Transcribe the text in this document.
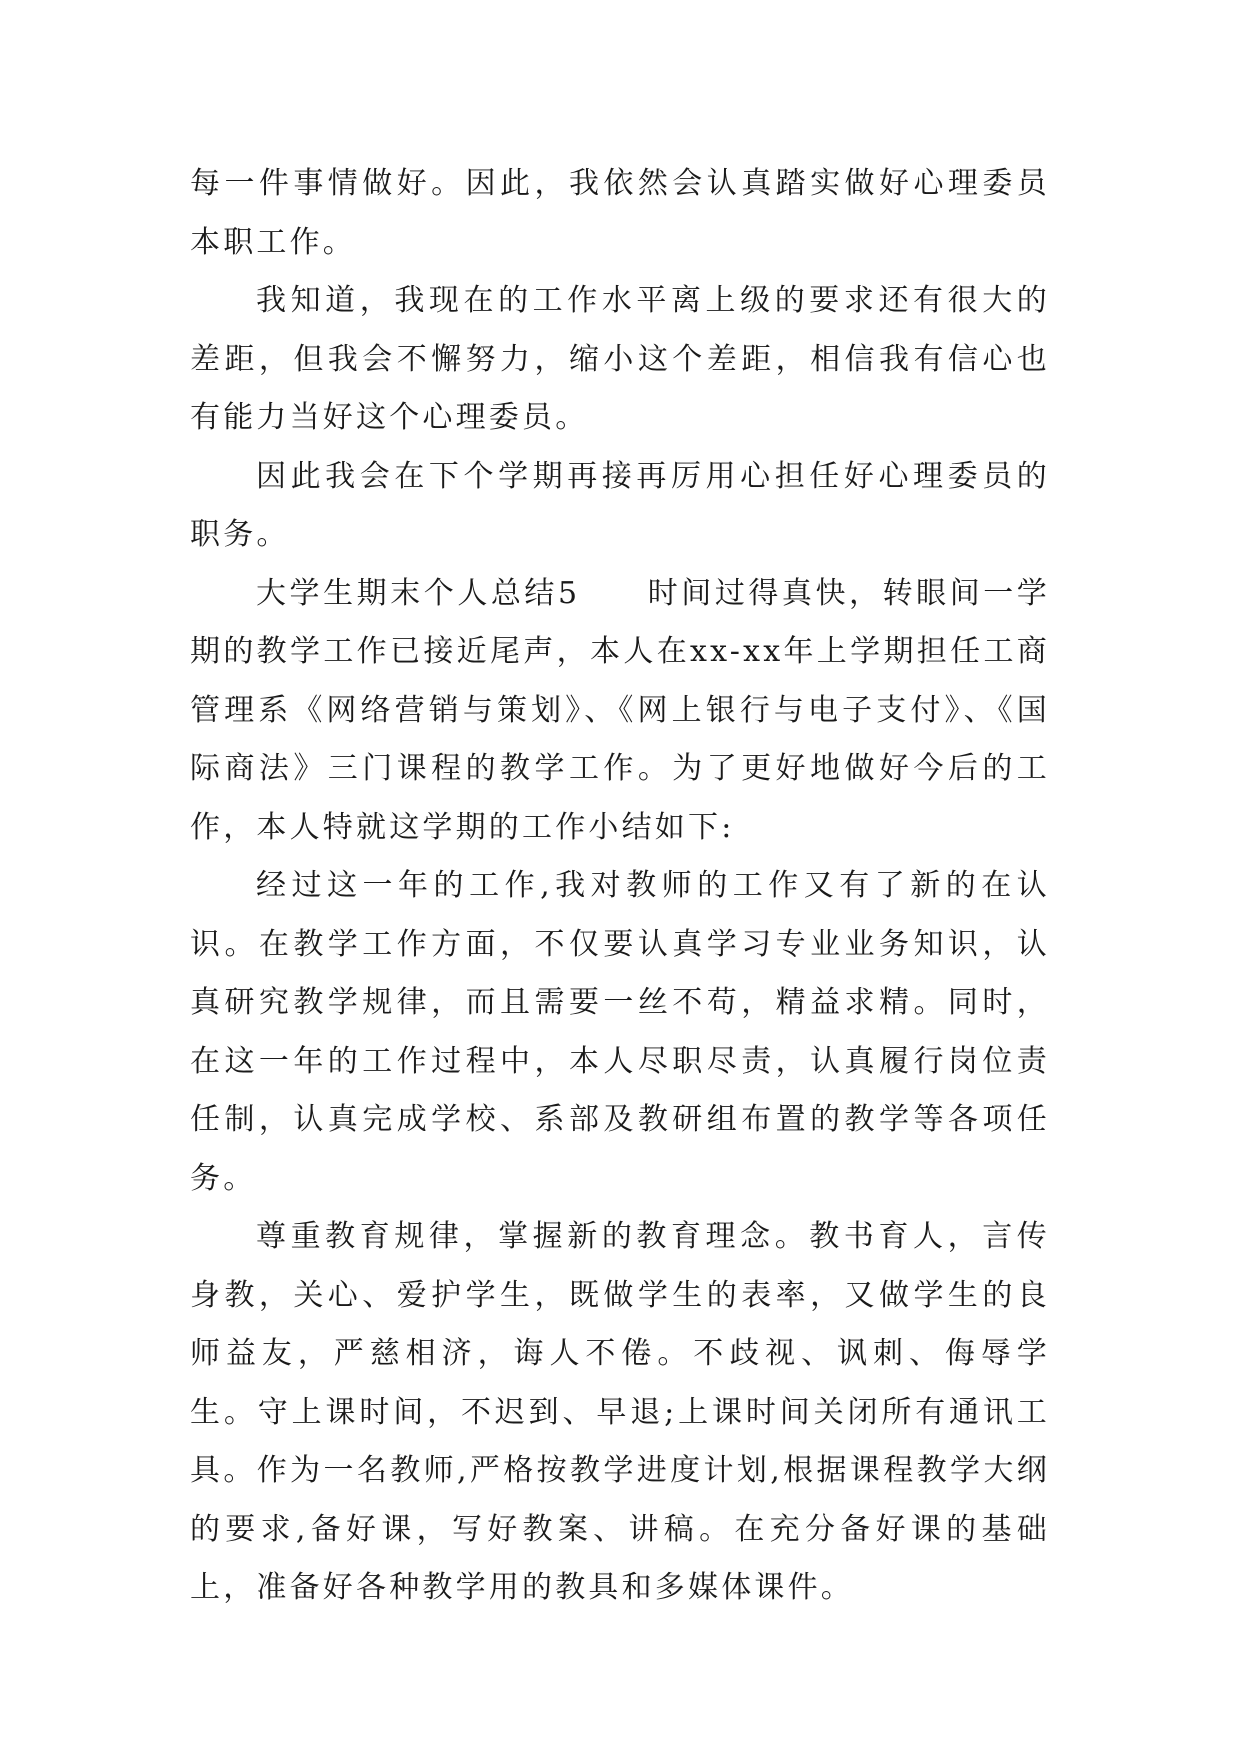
每一件事情做好。因此，我依然会认真踏实做好心理委员本职工作。

我知道，我现在的工作水平离上级的要求还有很大的差距，但我会不懈努力，缩小这个差距，相信我有信心也有能力当好这个心理委员。

因此我会在下个学期再接再厉用心担任好心理委员的职务。

大学生期末个人总结5　　时间过得真快，转眼间一学期的教学工作已接近尾声，本人在xx-xx年上学期担任工商管理系《网络营销与策划》、《网上银行与电子支付》、《国际商法》三门课程的教学工作。为了更好地做好今后的工作，本人特就这学期的工作小结如下:

经过这一年的工作,我对教师的工作又有了新的在认识。在教学工作方面，不仅要认真学习专业业务知识，认真研究教学规律，而且需要一丝不苟，精益求精。同时，在这一年的工作过程中，本人尽职尽责，认真履行岗位责任制，认真完成学校、系部及教研组布置的教学等各项任务。

尊重教育规律，掌握新的教育理念。教书育人，言传身教，关心、爱护学生，既做学生的表率，又做学生的良师益友，严慈相济，诲人不倦。不歧视、讽刺、侮辱学生。守上课时间，不迟到、早退;上课时间关闭所有通讯工具。作为一名教师,严格按教学进度计划,根据课程教学大纲的要求,备好课，写好教案、讲稿。在充分备好课的基础上，准备好各种教学用的教具和多媒体课件。
